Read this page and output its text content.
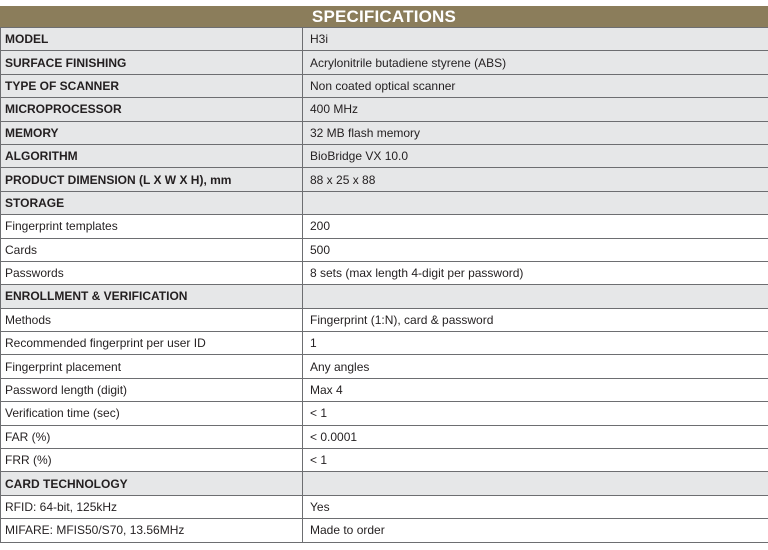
SPECIFICATIONS
MODEL	H3i
SURFACE FINISHING	Acrylonitrile butadiene styrene (ABS)
TYPE OF SCANNER	Non coated optical scanner
MICROPROCESSOR	400 MHz
MEMORY	32 MB flash memory
ALGORITHM	BioBridge VX 10.0
PRODUCT DIMENSION (L X W X H), mm	88 x 25 x 88
STORAGE	
Fingerprint templates	200
Cards	500
Passwords	8 sets (max length 4-digit per password)
ENROLLMENT & VERIFICATION	
Methods	Fingerprint (1:N), card & password
Recommended fingerprint per user ID	1
Fingerprint placement	Any angles
Password length (digit)	Max 4
Verification time (sec)	< 1
FAR (%)	< 0.0001
FRR (%)	< 1
CARD TECHNOLOGY	
RFID: 64-bit, 125kHz	Yes
MIFARE: MFIS50/S70, 13.56MHz	Made to order
